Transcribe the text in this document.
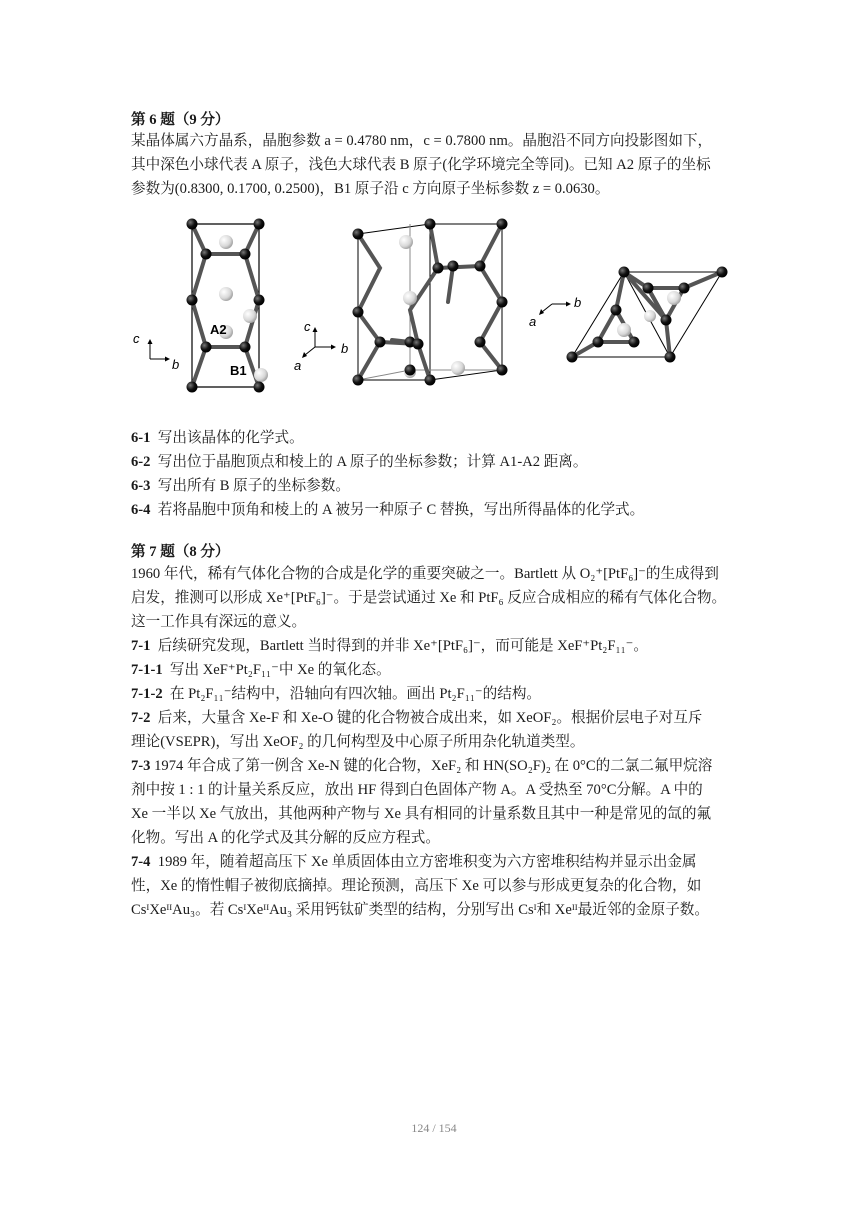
第 6 题（9 分）
某晶体属六方晶系，晶胞参数 a = 0.4780 nm，c = 0.7800 nm。晶胞沿不同方向投影图如下，
其中深色小球代表 A 原子，浅色大球代表 B 原子(化学环境完全等同)。已知 A2 原子的坐标
参数为(0.8300, 0.1700, 0.2500)，B1 原子沿 c 方向原子坐标参数 z = 0.0630。
A2
B1
c
b
c
b
a
b
a
6-1 写出该晶体的化学式。
6-2 写出位于晶胞顶点和棱上的 A 原子的坐标参数；计算 A1-A2 距离。
6-3 写出所有 B 原子的坐标参数。
6-4 若将晶胞中顶角和棱上的 A 被另一种原子 C 替换，写出所得晶体的化学式。
第 7 题（8 分）
1960 年代，稀有气体化合物的合成是化学的重要突破之一。Bartlett 从 O₂⁺[PtF₆]⁻的生成得到
启发，推测可以形成 Xe⁺[PtF₆]⁻。于是尝试通过 Xe 和 PtF₆ 反应合成相应的稀有气体化合物。
这一工作具有深远的意义。
7-1 后续研究发现，Bartlett 当时得到的并非 Xe⁺[PtF₆]⁻，而可能是 XeF⁺Pt₂F₁₁⁻。
7-1-1 写出 XeF⁺Pt₂F₁₁⁻中 Xe 的氧化态。
7-1-2 在 Pt₂F₁₁⁻结构中，沿轴向有四次轴。画出 Pt₂F₁₁⁻的结构。
7-2 后来，大量含 Xe-F 和 Xe-O 键的化合物被合成出来，如 XeOF₂。根据价层电子对互斥
理论(VSEPR)，写出 XeOF₂ 的几何构型及中心原子所用杂化轨道类型。
7-3 1974 年合成了第一例含 Xe-N 键的化合物，XeF₂ 和 HN(SO₂F)₂ 在 0°C的二氯二氟甲烷溶
剂中按 1 : 1 的计量关系反应，放出 HF 得到白色固体产物 A。A 受热至 70°C分解。A 中的
Xe 一半以 Xe 气放出，其他两种产物与 Xe 具有相同的计量系数且其中一种是常见的氙的氟
化物。写出 A 的化学式及其分解的反应方程式。
7-4 1989 年，随着超高压下 Xe 单质固体由立方密堆积变为六方密堆积结构并显示出金属
性，Xe 的惰性帽子被彻底摘掉。理论预测，高压下 Xe 可以参与形成更复杂的化合物，如
CsᴵXeᴵᴵAu₃。若 CsᴵXeᴵᴵAu₃ 采用钙钛矿类型的结构，分别写出 Csᴵ和 Xeᴵᴵ最近邻的金原子数。
124 / 154
